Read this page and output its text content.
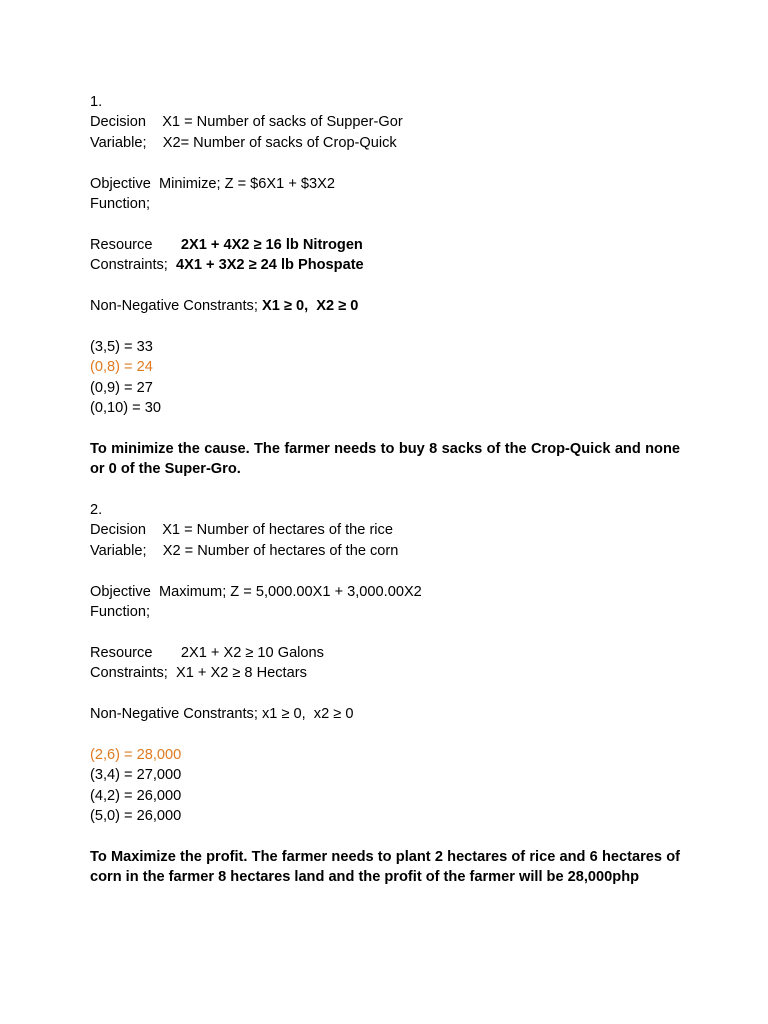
1.
Decision X1 = Number of sacks of Supper-Gor
Variable; X2= Number of sacks of Crop-Quick
Objective Minimize; Z = $6X1 + $3X2
Function;
Resource 2X1 + 4X2 ≥ 16 lb Nitrogen
Constraints; 4X1 + 3X2 ≥ 24 lb Phospate
Non-Negative Constrants; X1 ≥ 0,  X2 ≥ 0
(3,5) = 33
(0,8) = 24
(0,9) = 27
(0,10) = 30
To minimize the cause. The farmer needs to buy 8 sacks of the Crop-Quick and none or 0 of the Super-Gro.
2.
Decision X1 = Number of hectares of the rice
Variable; X2 = Number of hectares of the corn
Objective Maximum; Z = 5,000.00X1 + 3,000.00X2
Function;
Resource 2X1 + X2 ≥ 10 Galons
Constraints; X1 + X2 ≥ 8 Hectars
Non-Negative Constrants; x1 ≥ 0,  x2 ≥ 0
(2,6) = 28,000
(3,4) = 27,000
(4,2) = 26,000
(5,0) = 26,000
To Maximize the profit. The farmer needs to plant 2 hectares of rice and 6 hectares of corn in the farmer 8 hectares land and the profit of the farmer will be 28,000php
